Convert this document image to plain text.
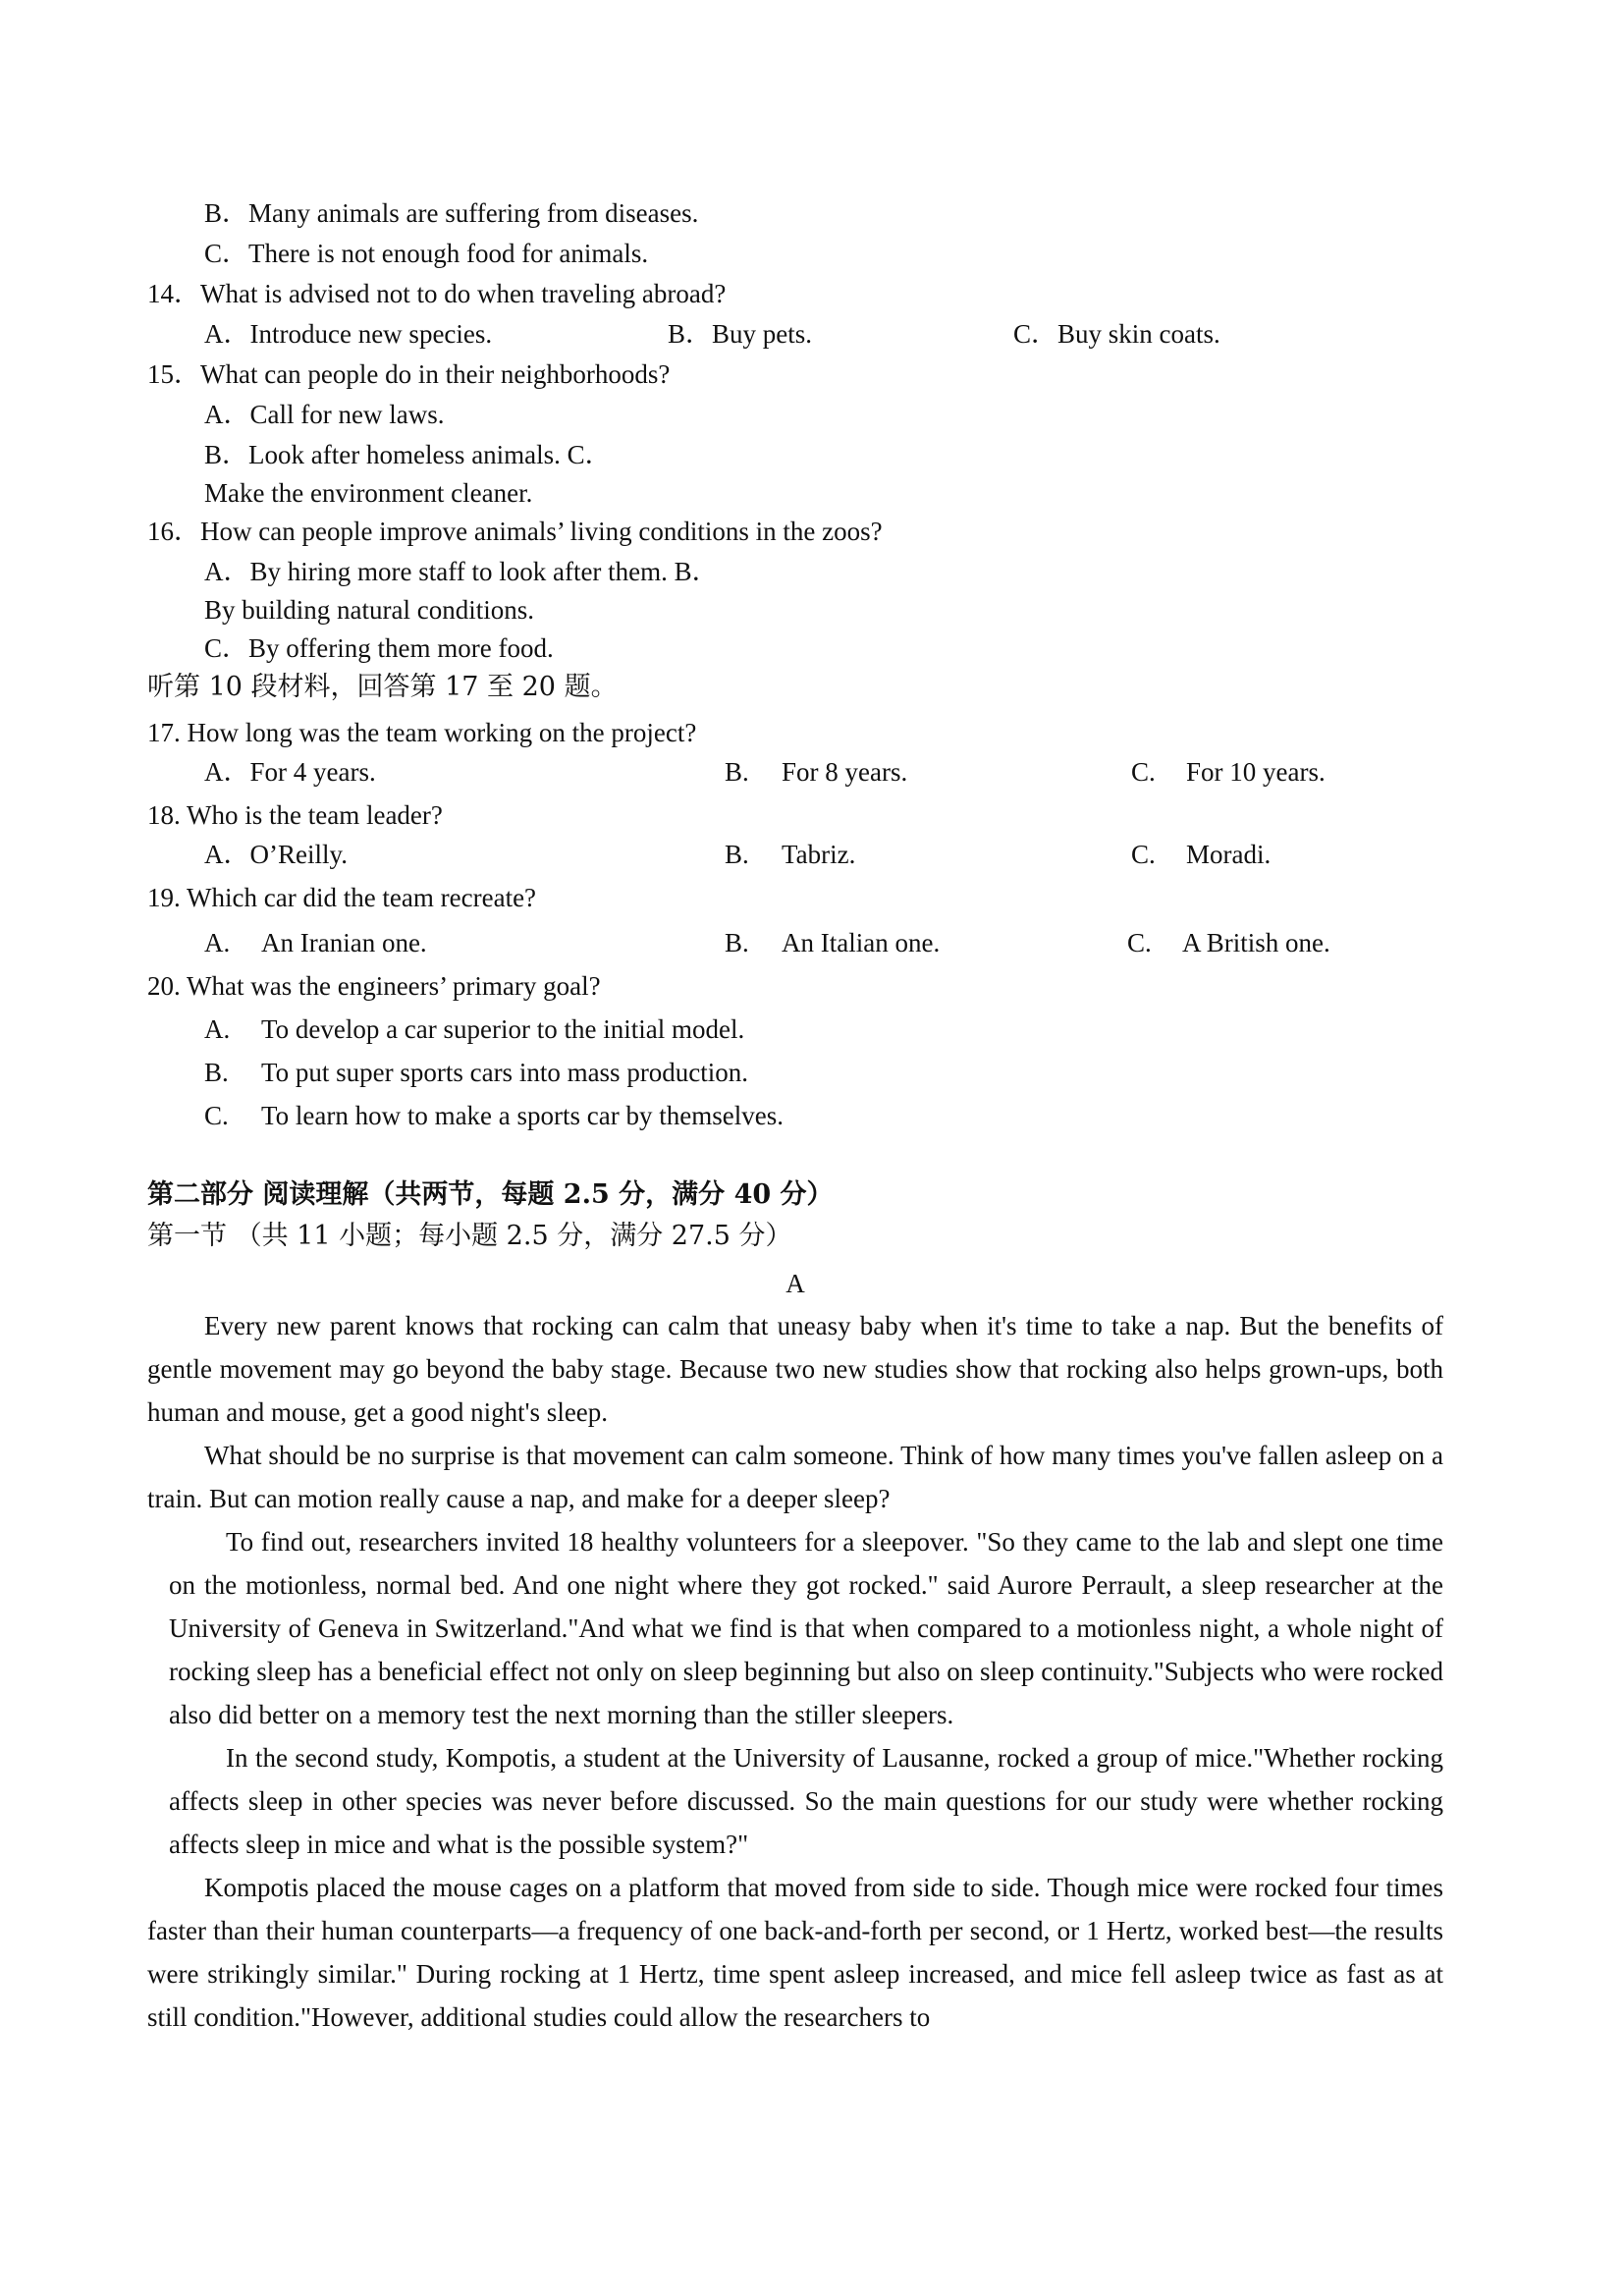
B．Many animals are suffering from diseases.
C．There is not enough food for animals.
14．What is advised not to do when traveling abroad?
A．Introduce new species.	B．Buy pets.	C．Buy skin coats.
15．What can people do in their neighborhoods?
A．Call for new laws.
B．Look after homeless animals. C．
Make the environment cleaner.
16．How can people improve animals’ living conditions in the zoos?
A．By hiring more staff to look after them. B．
By building natural conditions.
C．By offering them more food.
听第 10 段材料，回答第 17 至 20 题。
17. How long was the team working on the project?
A．For 4 years.	B. For 8 years.	C. For 10 years.
18. Who is the team leader?
A．O’Reilly.	B. Tabriz.	C. Moradi.
19. Which car did the team recreate?
A. An Iranian one.	B. An Italian one.	C. A British one.
20. What was the engineers’ primary goal?
A. To develop a car superior to the initial model.
B. To put super sports cars into mass production.
C. To learn how to make a sports car by themselves.
第二部分 阅读理解（共两节，每题 2.5 分，满分 40 分）
第一节 （共 11 小题；每小题 2.5 分，满分 27.5 分）
A
Every new parent knows that rocking can calm that uneasy baby when it's time to take a nap. But the benefits of gentle movement may go beyond the baby stage. Because two new studies show that rocking also helps grown-ups, both human and mouse, get a good night's sleep.
What should be no surprise is that movement can calm someone. Think of how many times you've fallen asleep on a train. But can motion really cause a nap, and make for a deeper sleep?
To find out, researchers invited 18 healthy volunteers for a sleepover. "So they came to the lab and slept one time on the motionless, normal bed. And one night where they got rocked." said Aurore Perrault, a sleep researcher at the University of Geneva in Switzerland."And what we find is that when compared to a motionless night, a whole night of rocking sleep has a beneficial effect not only on sleep beginning but also on sleep continuity."Subjects who were rocked also did better on a memory test the next morning than the stiller sleepers.
In the second study, Kompotis, a student at the University of Lausanne, rocked a group of mice."Whether rocking affects sleep in other species was never before discussed. So the main questions for our study were whether rocking affects sleep in mice and what is the possible system?"
Kompotis placed the mouse cages on a platform that moved from side to side. Though mice were rocked four times faster than their human counterparts—a frequency of one back-and-forth per second, or 1 Hertz, worked best—the results were strikingly similar." During rocking at 1 Hertz, time spent asleep increased, and mice fell asleep twice as fast as at still condition."However, additional studies could allow the researchers to
